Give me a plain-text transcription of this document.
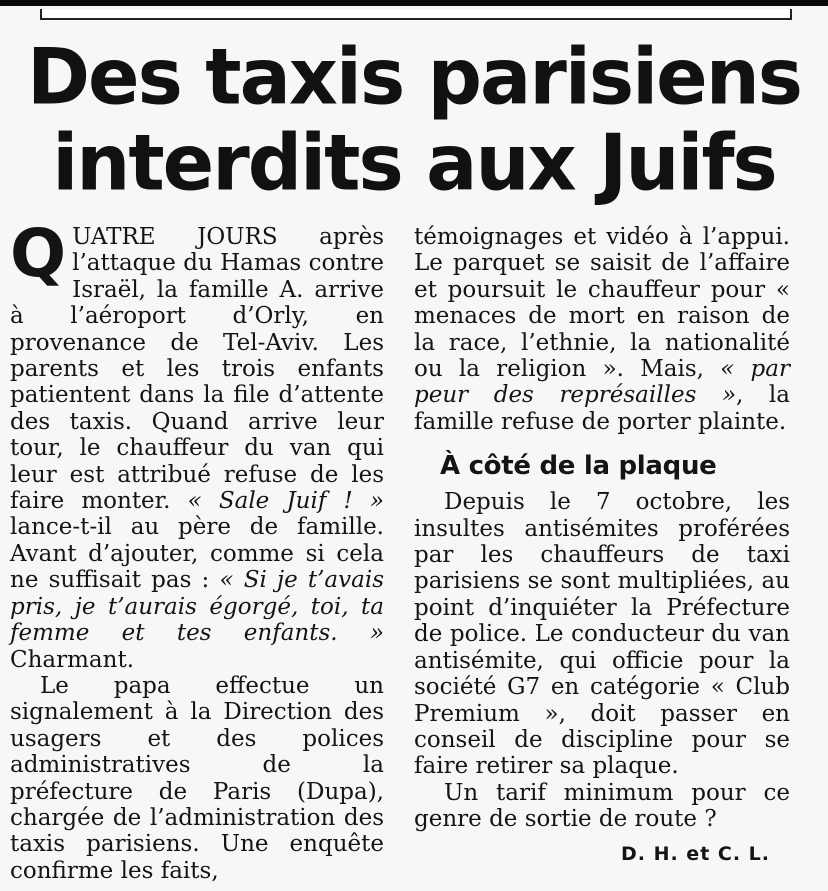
Des taxis parisiens
interdits aux Juifs

QUATRE JOURS après l’attaque du Hamas contre Israël, la famille A. arrive à l’aéroport d’Orly, en provenance de Tel-Aviv. Les parents et les trois enfants patientent dans la file d’attente des taxis. Quand arrive leur tour, le chauffeur du van qui leur est attribué refuse de les faire monter. « Sale Juif ! » lance-t-il au père de famille. Avant d’ajouter, comme si cela ne suffisait pas : « Si je t’avais pris, je t’aurais égorgé, toi, ta femme et tes enfants. » Charmant.

Le papa effectue un signalement à la Direction des usagers et des polices administratives de la préfecture de Paris (Dupa), chargée de l’administration des taxis parisiens. Une enquête confirme les faits,

témoignages et vidéo à l’appui. Le parquet se saisit de l’affaire et poursuit le chauffeur pour « menaces de mort en raison de la race, l’ethnie, la nationalité ou la religion ». Mais, « par peur des représailles », la famille refuse de porter plainte.

À côté de la plaque

Depuis le 7 octobre, les insultes antisémites proférées par les chauffeurs de taxi parisiens se sont multipliées, au point d’inquiéter la Préfecture de police. Le conducteur du van antisémite, qui officie pour la société G7 en catégorie « Club Premium », doit passer en conseil de discipline pour se faire retirer sa plaque.

Un tarif minimum pour ce genre de sortie de route ?

D. H. et C. L.
